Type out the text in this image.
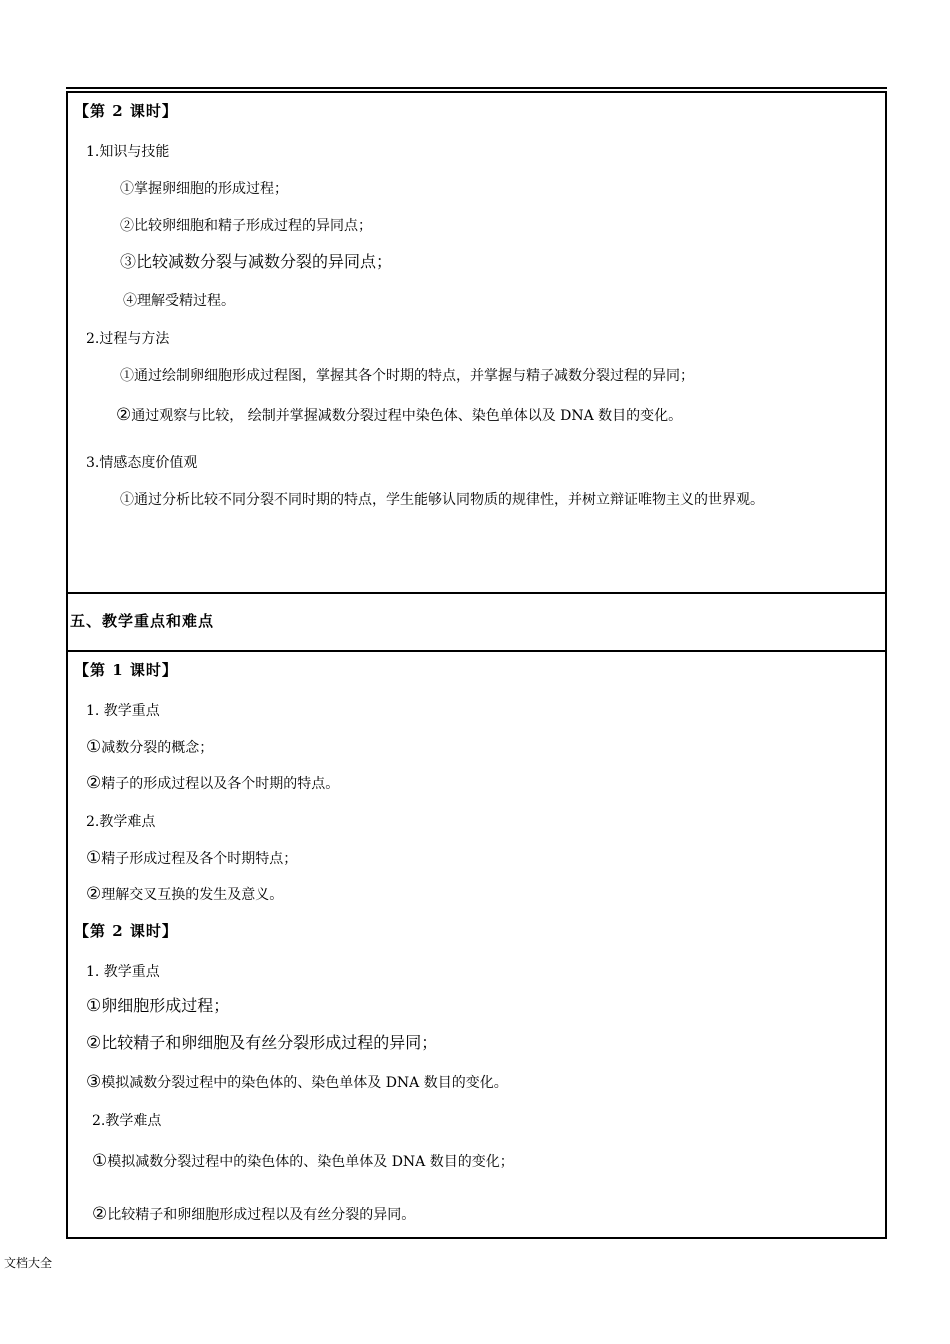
【第 2 课时】
1.知识与技能
①掌握卵细胞的形成过程；
②比较卵细胞和精子形成过程的异同点；
③比较减数分裂与减数分裂的异同点；
④理解受精过程。
2.过程与方法
①通过绘制卵细胞形成过程图，掌握其各个时期的特点，并掌握与精子减数分裂过程的异同；
②通过观察与比较， 绘制并掌握减数分裂过程中染色体、染色单体以及 DNA 数目的变化。
3.情感态度价值观
①通过分析比较不同分裂不同时期的特点，学生能够认同物质的规律性，并树立辩证唯物主义的世界观。
五、教学重点和难点
【第 1 课时】
1. 教学重点
①减数分裂的概念；
②精子的形成过程以及各个时期的特点。
2.教学难点
①精子形成过程及各个时期特点；
②理解交叉互换的发生及意义。
【第 2 课时】
1. 教学重点
①卵细胞形成过程；
②比较精子和卵细胞及有丝分裂形成过程的异同；
③模拟减数分裂过程中的染色体的、染色单体及 DNA 数目的变化。
2.教学难点
①模拟减数分裂过程中的染色体的、染色单体及 DNA 数目的变化；
②比较精子和卵细胞形成过程以及有丝分裂的异同。
文档大全
